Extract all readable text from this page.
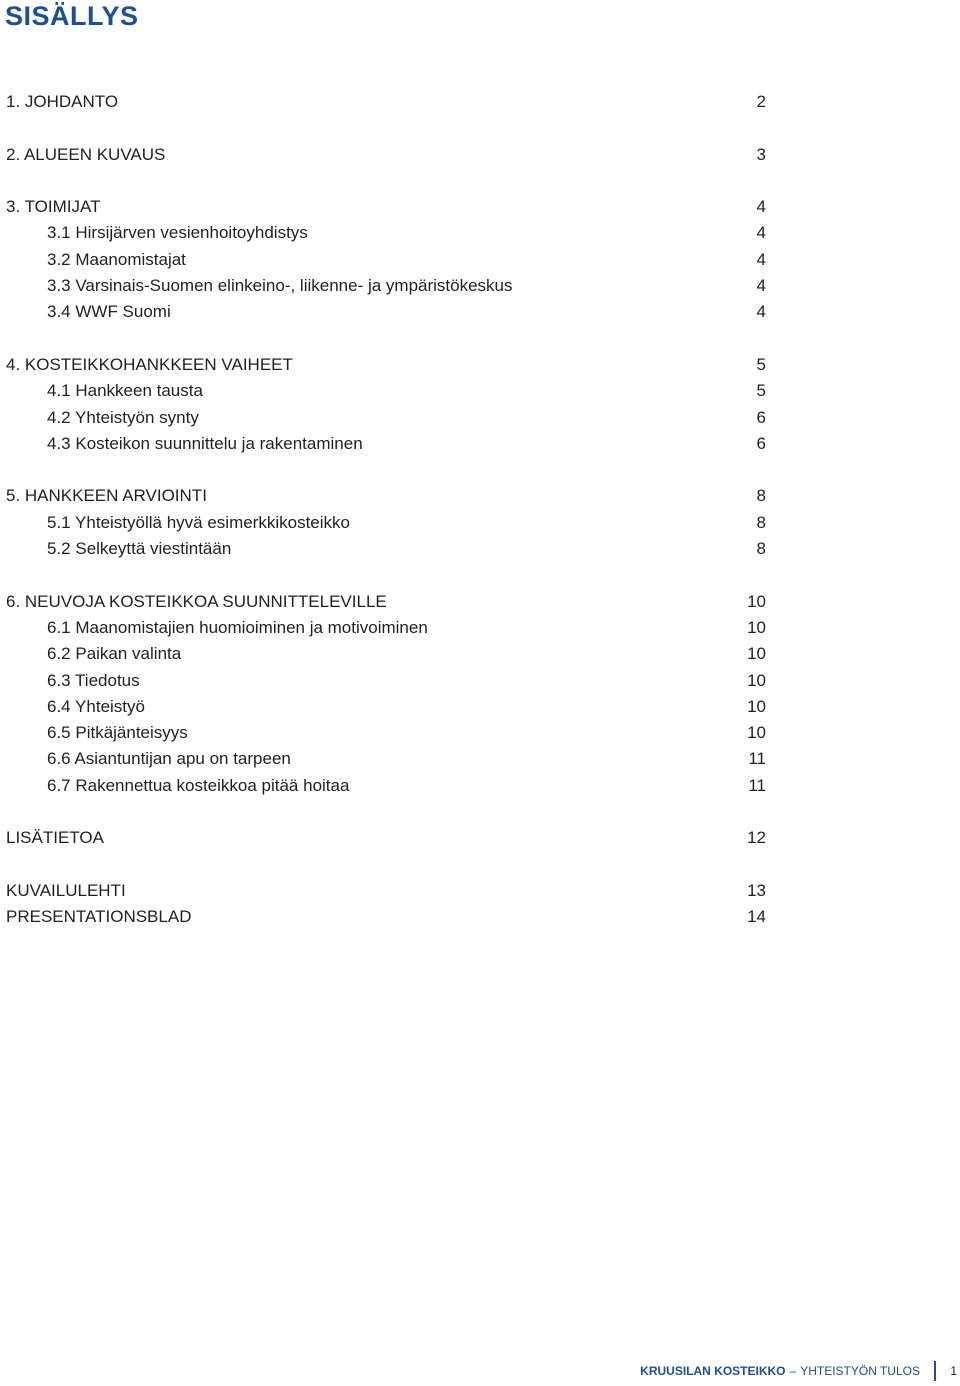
SISÄLLYS
1. JOHDANTO	2
2. ALUEEN KUVAUS	3
3. TOIMIJAT	4
3.1 Hirsijärven vesienhoitoyhdistys	4
3.2 Maanomistajat	4
3.3 Varsinais-Suomen elinkeino-, liikenne- ja ympäristökeskus	4
3.4 WWF Suomi	4
4. KOSTEIKKOHANKKEEN VAIHEET	5
4.1 Hankkeen tausta	5
4.2 Yhteistyön synty	6
4.3 Kosteikon suunnittelu ja rakentaminen	6
5. HANKKEEN ARVIOINTI	8
5.1 Yhteistyöllä hyvä esimerkkikosteikko	8
5.2 Selkeyttä viestintään	8
6. NEUVOJA KOSTEIKKOA SUUNNITTELEVILLE	10
6.1 Maanomistajien huomioiminen ja motivoiminen	10
6.2 Paikan valinta	10
6.3 Tiedotus	10
6.4 Yhteistyö	10
6.5 Pitkäjänteisyys	10
6.6 Asiantuntijan apu on tarpeen	11
6.7 Rakennettua kosteikkoa pitää hoitaa	11
LISÄTIETOA	12
KUVAILULEHTI	13
PRESENTATIONSBLAD	14
KRUUSILAN KOSTEIKKO – YHTEISTYÖN TULOS	1
